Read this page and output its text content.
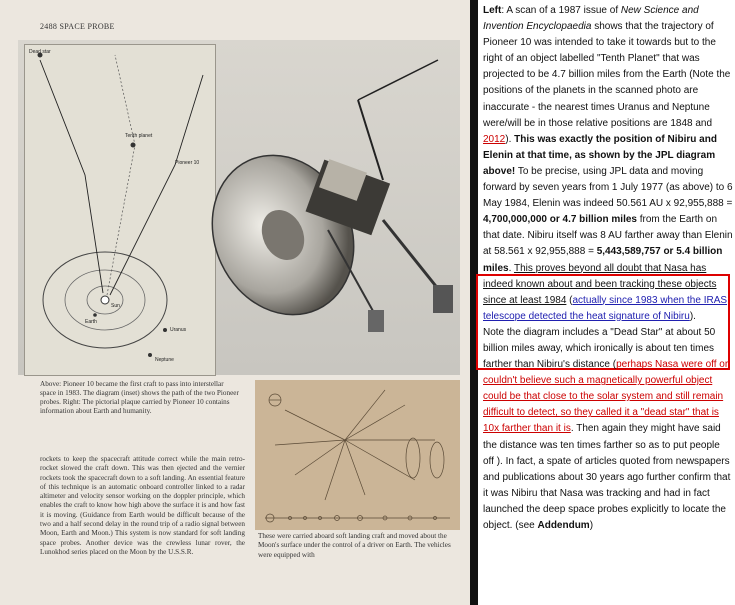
2488 SPACE PROBE
Dead star
Tenth planet
Pioneer 10
Uranus
Neptune
Earth
Sun
Above: Pioneer 10 became the first craft to pass into interstellar space in 1983. The diagram (inset) shows the path of the two Pioneer probes. Right: The pictorial plaque carried by Pioneer 10 contains information about Earth and humanity.
rockets to keep the spacecraft attitude correct while the main retro-rocket slowed the craft down. This was then ejected and the vernier rockets took the spacecraft down to a soft landing. An essential feature of this technique is an automatic onboard controller linked to a radar altimeter and velocity sensor working on the doppler principle, which enables the craft to know how high above the surface it is and how fast it is moving. (Guidance from Earth would be difficult because of the two and a half second delay in the round trip of a radio signal between Moon, Earth and Moon.) This system is now standard for soft landing space probes. Another device was the crewless lunar rover, the Lunokhod series placed on the Moon by the U.S.S.R.
These were carried aboard soft landing craft and moved about the Moon's surface under the control of a driver on Earth. The vehicles were equipped with

Left: A scan of a 1987 issue of New Science and Invention Encyclopaedia shows that the trajectory of Pioneer 10 was intended to take it towards but to the right of an object labelled "Tenth Planet" that was projected to be 4.7 billion miles from the Earth (Note the positions of the planets in the scanned photo are inaccurate - the nearest times Uranus and Neptune were/will be in those relative positions are 1848 and 2012). This was exactly the position of Nibiru and Elenin at that time, as shown by the JPL diagram above! To be precise, using JPL data and moving forward by seven years from 1 July 1977 (as above) to 6 May 1984, Elenin was indeed 50.561 AU x 92,955,888 = 4,700,000,000 or 4.7 billion miles from the Earth on that date. Nibiru itself was 8 AU farther away than Elenin at 58.561 x 92,955,888 = 5,443,589,757 or 5.4 billion miles. This proves beyond all doubt that Nasa has indeed known about and been tracking these objects since at least 1984 (actually since 1983 when the IRAS telescope detected the heat signature of Nibiru).

Note the diagram includes a "Dead Star" at about 50 billion miles away, which ironically is about ten times farther than Nibiru's distance (perhaps Nasa were off or couldn't believe such a magnetically powerful object could be that close to the solar system and still remain difficult to detect, so they called it a "dead star" that is 10x farther than it is. Then again they might have said the distance was ten times farther so as to put people off ). In fact, a spate of articles quoted from newspapers and publications about 30 years ago further confirm that it was Nibiru that Nasa was tracking and had in fact launched the deep space probes explicitly to locate the object. (see Addendum)
